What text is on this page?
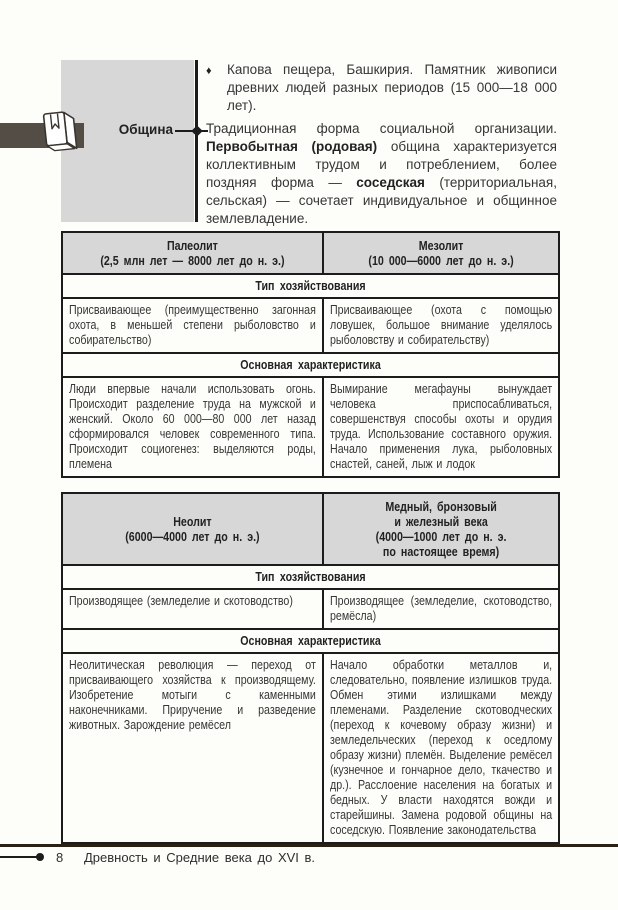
Община
♦	Капова пещера, Башкирия. Памятник живописи древних людей разных периодов (15 000—18 000 лет).
Традиционная форма социальной организации. Первобытная (родовая) община характеризуется коллективным трудом и потреблением, более поздняя форма — соседская (территориальная, сельская) — сочетает индивидуальное и общинное землевладение.
Палеолит
(2,5 млн лет — 8000 лет до н. э.)
Мезолит
(10 000—6000 лет до н. э.)
Тип хозяйствования
Присваивающее (преимущественно загонная охота, в меньшей степени рыболовство и собирательство)
Присваивающее (охота с помощью ловушек, большое внимание уделялось рыболовству и собирательству)
Основная характеристика
Люди впервые начали использовать огонь. Происходит разделение труда на мужской и женский. Около 60 000—80 000 лет назад сформировался человек современного типа. Происходит социогенез: выделяются роды, племена
Вымирание мегафауны вынуждает человека приспосабливаться, совершенствуя способы охоты и орудия труда. Использование составного оружия. Начало применения лука, рыболовных снастей, саней, лыж и лодок
Неолит
(6000—4000 лет до н. э.)
Медный, бронзовый
и железный века
(4000—1000 лет до н. э.
по настоящее время)
Тип хозяйствования
Производящее (земледелие и скотоводство)	Производящее (земледелие, скотоводство, ремёсла)
Основная характеристика
Неолитическая революция — переход от присваивающего хозяйства к производящему. Изобретение мотыги с каменными наконечниками. Приручение и разведение животных. Зарождение ремёсел
Начало обработки металлов и, следовательно, появление излишков труда. Обмен этими излишками между племенами. Разделение скотоводческих (переход к кочевому образу жизни) и земледельческих (переход к оседлому образу жизни) племён. Выделение ремёсел (кузнечное и гончарное дело, ткачество и др.). Расслоение населения на богатых и бедных. У власти находятся вожди и старейшины. Замена родовой общины на соседскую. Появление законодательства
8 Древность и Средние века до XVI в.
